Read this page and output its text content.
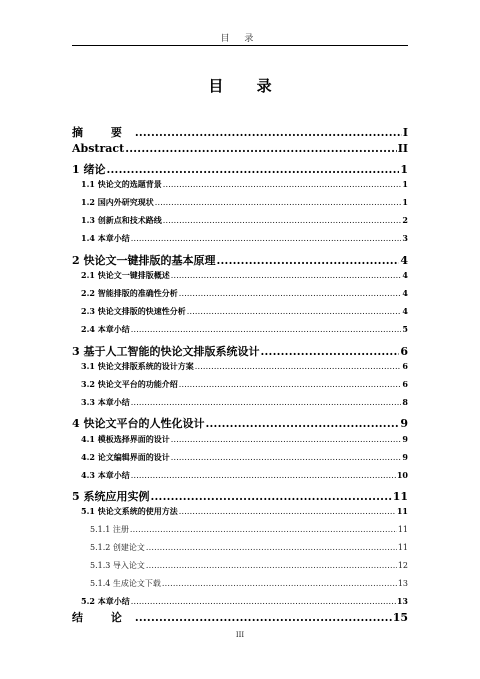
目 录
目 录
摘 要 .....	I
Abstract .....	II
1 绪论 .....	1
1.1 快论文的选题背景 .....	1
1.2 国内外研究现状 .....	1
1.3 创新点和技术路线 .....	2
1.4 本章小结 .....	3
2 快论文一键排版的基本原理 .....	4
2.1 快论文一键排版概述 .....	4
2.2 智能排版的准确性分析 .....	4
2.3 快论文排版的快速性分析 .....	4
2.4 本章小结 .....	5
3 基于人工智能的快论文排版系统设计 .....	6
3.1 快论文排版系统的设计方案 .....	6
3.2 快论文平台的功能介绍 .....	6
3.3 本章小结 .....	8
4 快论文平台的人性化设计 .....	9
4.1 模板选择界面的设计 .....	9
4.2 论文编辑界面的设计 .....	9
4.3 本章小结 .....	10
5 系统应用实例 .....	11
5.1 快论文系统的使用方法 .....	11
5.1.1 注册 .....	11
5.1.2 创建论文 .....	11
5.1.3 导入论文 .....	12
5.1.4 生成论文下载 .....	13
5.2 本章小结 .....	13
结 论 .....	15
III
